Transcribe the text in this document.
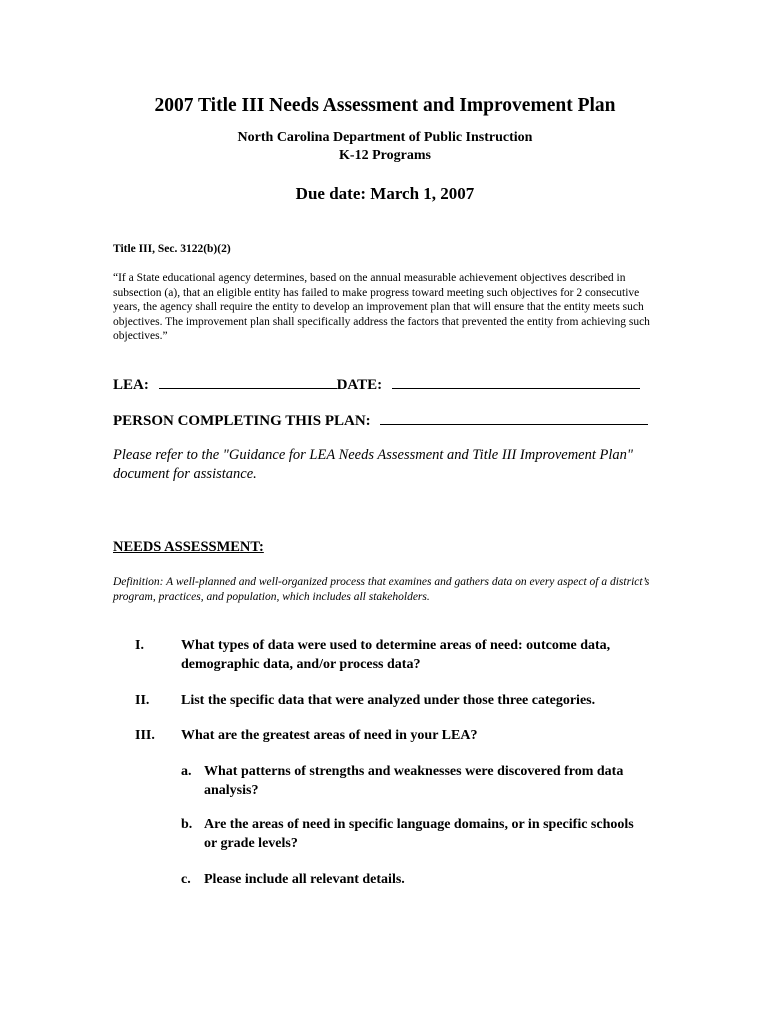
2007 Title III Needs Assessment and Improvement Plan
North Carolina Department of Public Instruction
K-12 Programs
Due date: March 1, 2007
Title III, Sec. 3122(b)(2)
“If a State educational agency determines, based on the annual measurable achievement objectives described in subsection (a), that an eligible entity has failed to make progress toward meeting such objectives for 2 consecutive years, the agency shall require the entity to develop an improvement plan that will ensure that the entity meets such objectives. The improvement plan shall specifically address the factors that prevented the entity from achieving such objectives.”
LEA:	DATE:
PERSON COMPLETING THIS PLAN:
Please refer to the "Guidance for LEA Needs Assessment and Title III Improvement Plan" document for assistance.
NEEDS ASSESSMENT:
Definition: A well-planned and well-organized process that examines and gathers data on every aspect of a district’s program, practices, and population, which includes all stakeholders.
I.	What types of data were used to determine areas of need: outcome data, demographic data, and/or process data?
II. List the specific data that were analyzed under those three categories.
III. What are the greatest areas of need in your LEA?
a. What patterns of strengths and weaknesses were discovered from data analysis?
b. Are the areas of need in specific language domains, or in specific schools or grade levels?
c. Please include all relevant details.
